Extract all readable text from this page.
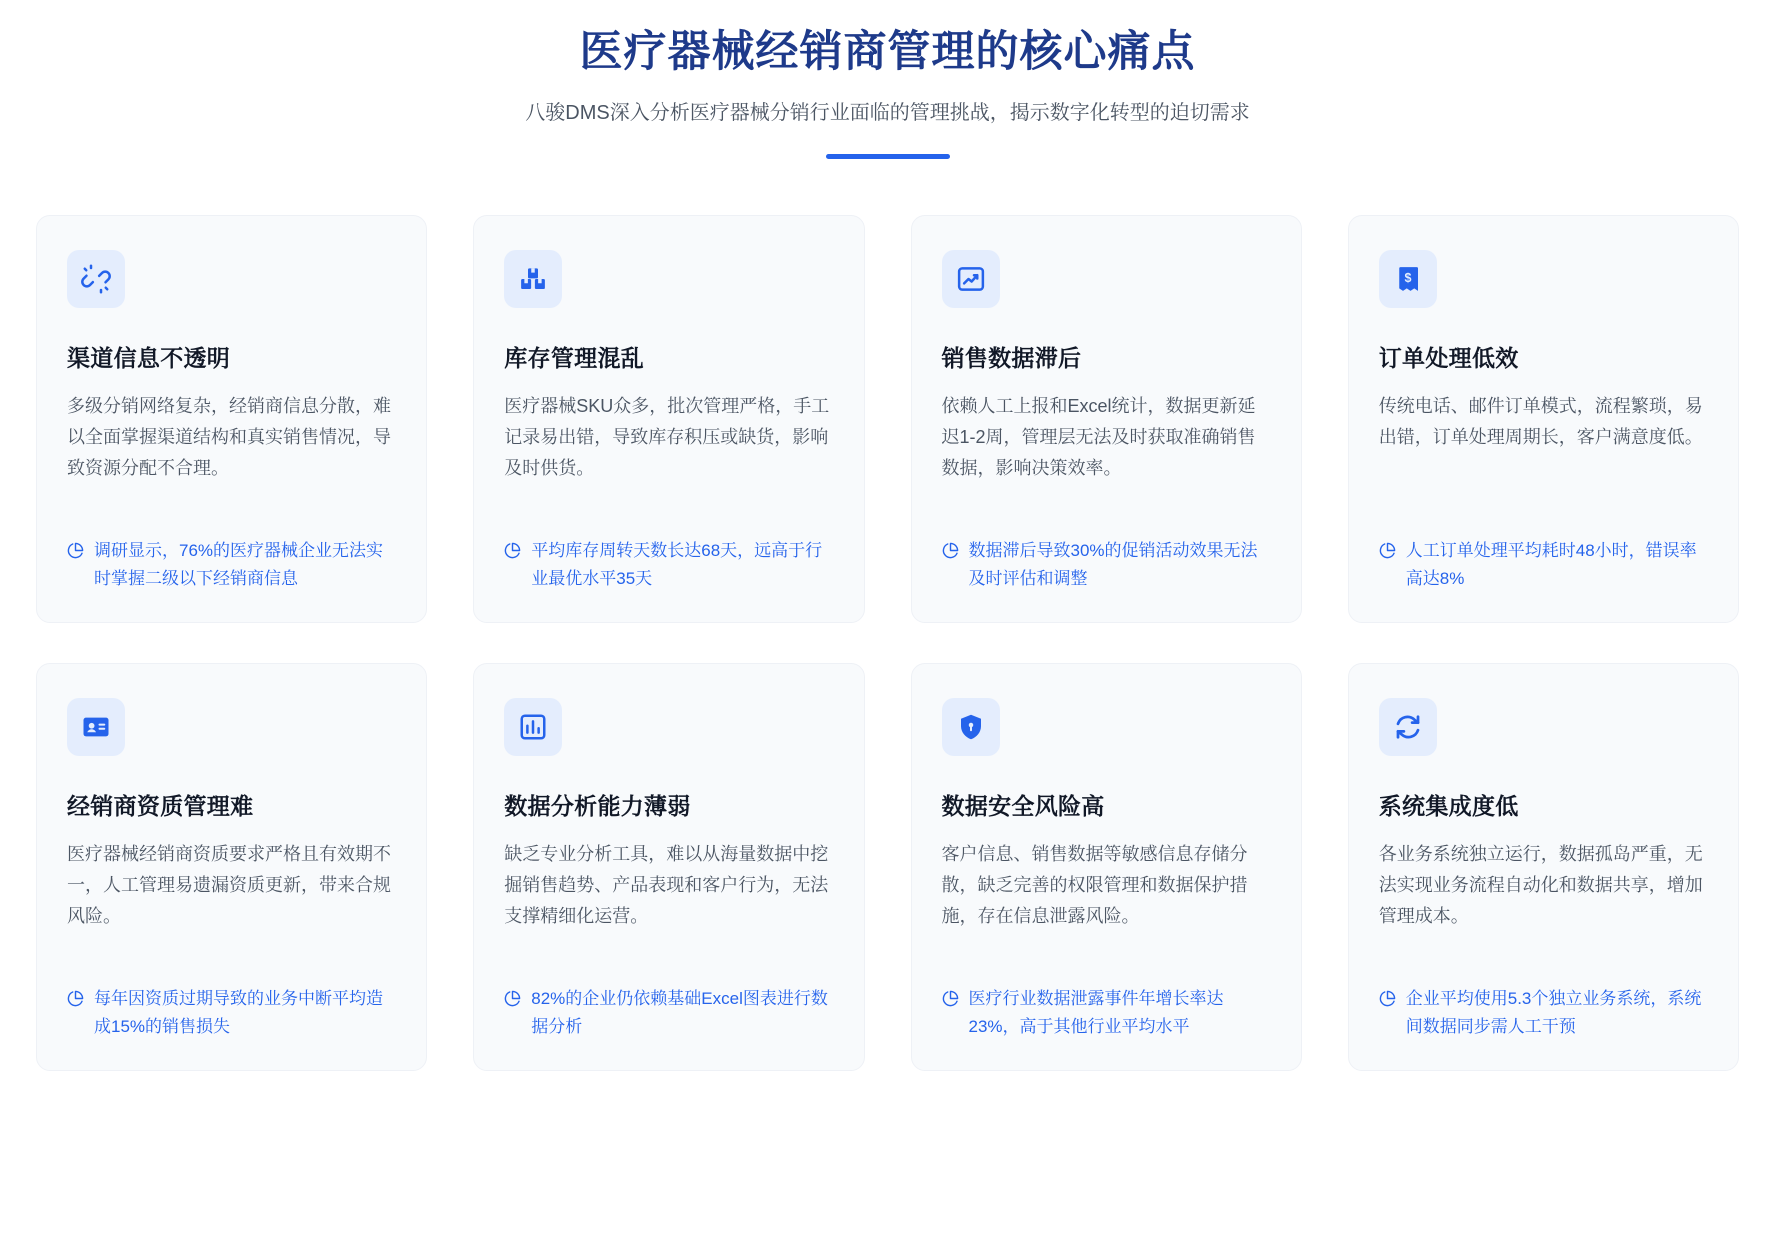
医疗器械经销商管理的核心痛点
八骏DMS深入分析医疗器械分销行业面临的管理挑战，揭示数字化转型的迫切需求
渠道信息不透明
多级分销网络复杂，经销商信息分散，难以全面掌握渠道结构和真实销售情况，导致资源分配不合理。
调研显示，76%的医疗器械企业无法实时掌握二级以下经销商信息
库存管理混乱
医疗器械SKU众多，批次管理严格，手工记录易出错，导致库存积压或缺货，影响及时供货。
平均库存周转天数长达68天，远高于行业最优水平35天
销售数据滞后
依赖人工上报和Excel统计，数据更新延迟1-2周，管理层无法及时获取准确销售数据，影响决策效率。
数据滞后导致30%的促销活动效果无法及时评估和调整
$
订单处理低效
传统电话、邮件订单模式，流程繁琐，易出错，订单处理周期长，客户满意度低。
人工订单处理平均耗时48小时，错误率高达8%
经销商资质管理难
医疗器械经销商资质要求严格且有效期不一，人工管理易遗漏资质更新，带来合规风险。
每年因资质过期导致的业务中断平均造成15%的销售损失
数据分析能力薄弱
缺乏专业分析工具，难以从海量数据中挖掘销售趋势、产品表现和客户行为，无法支撑精细化运营。
82%的企业仍依赖基础Excel图表进行数据分析
数据安全风险高
客户信息、销售数据等敏感信息存储分散，缺乏完善的权限管理和数据保护措施，存在信息泄露风险。
医疗行业数据泄露事件年增长率达23%，高于其他行业平均水平
系统集成度低
各业务系统独立运行，数据孤岛严重，无法实现业务流程自动化和数据共享，增加管理成本。
企业平均使用5.3个独立业务系统，系统间数据同步需人工干预
